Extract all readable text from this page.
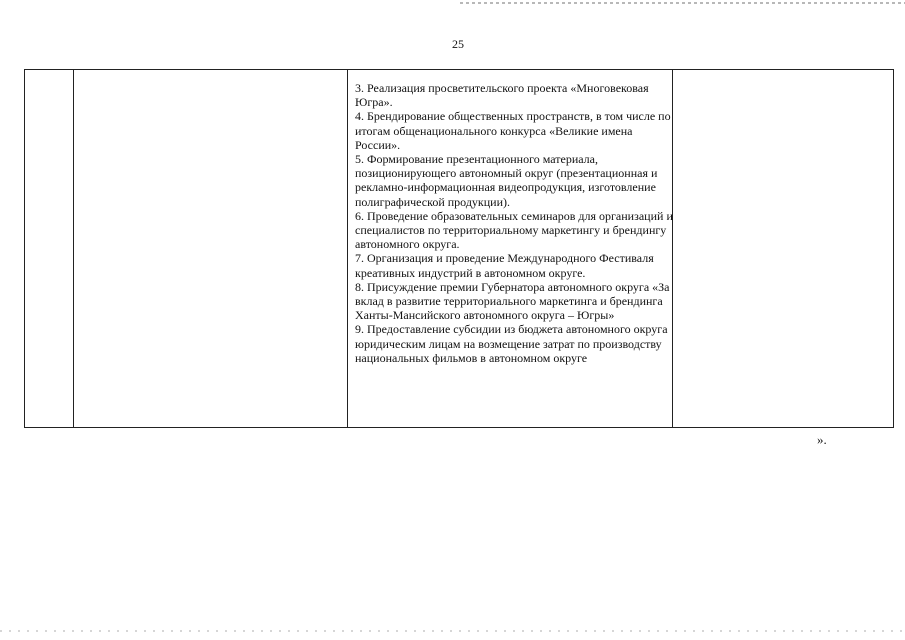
25

3. Реализация просветительского проекта «Многовековая Югра».

4. Брендирование общественных пространств, в том числе по итогам общенационального конкурса «Великие имена России».

5. Формирование презентационного материала, позиционирующего автономный округ (презентационная и рекламно-информационная видеопродукция, изготовление полиграфической продукции).

6. Проведение образовательных семинаров для организаций и специалистов по территориальному маркетингу и брендингу автономного округа.

7. Организация и проведение Международного Фестиваля креативных индустрий в автономном округе.

8. Присуждение премии Губернатора автономного округа «За вклад в развитие территориального маркетинга и брендинга Ханты-Мансийского автономного округа – Югры»

9. Предоставление субсидии из бюджета автономного округа юридическим лицам на возмещение затрат по производству национальных фильмов в автономном округе

».
